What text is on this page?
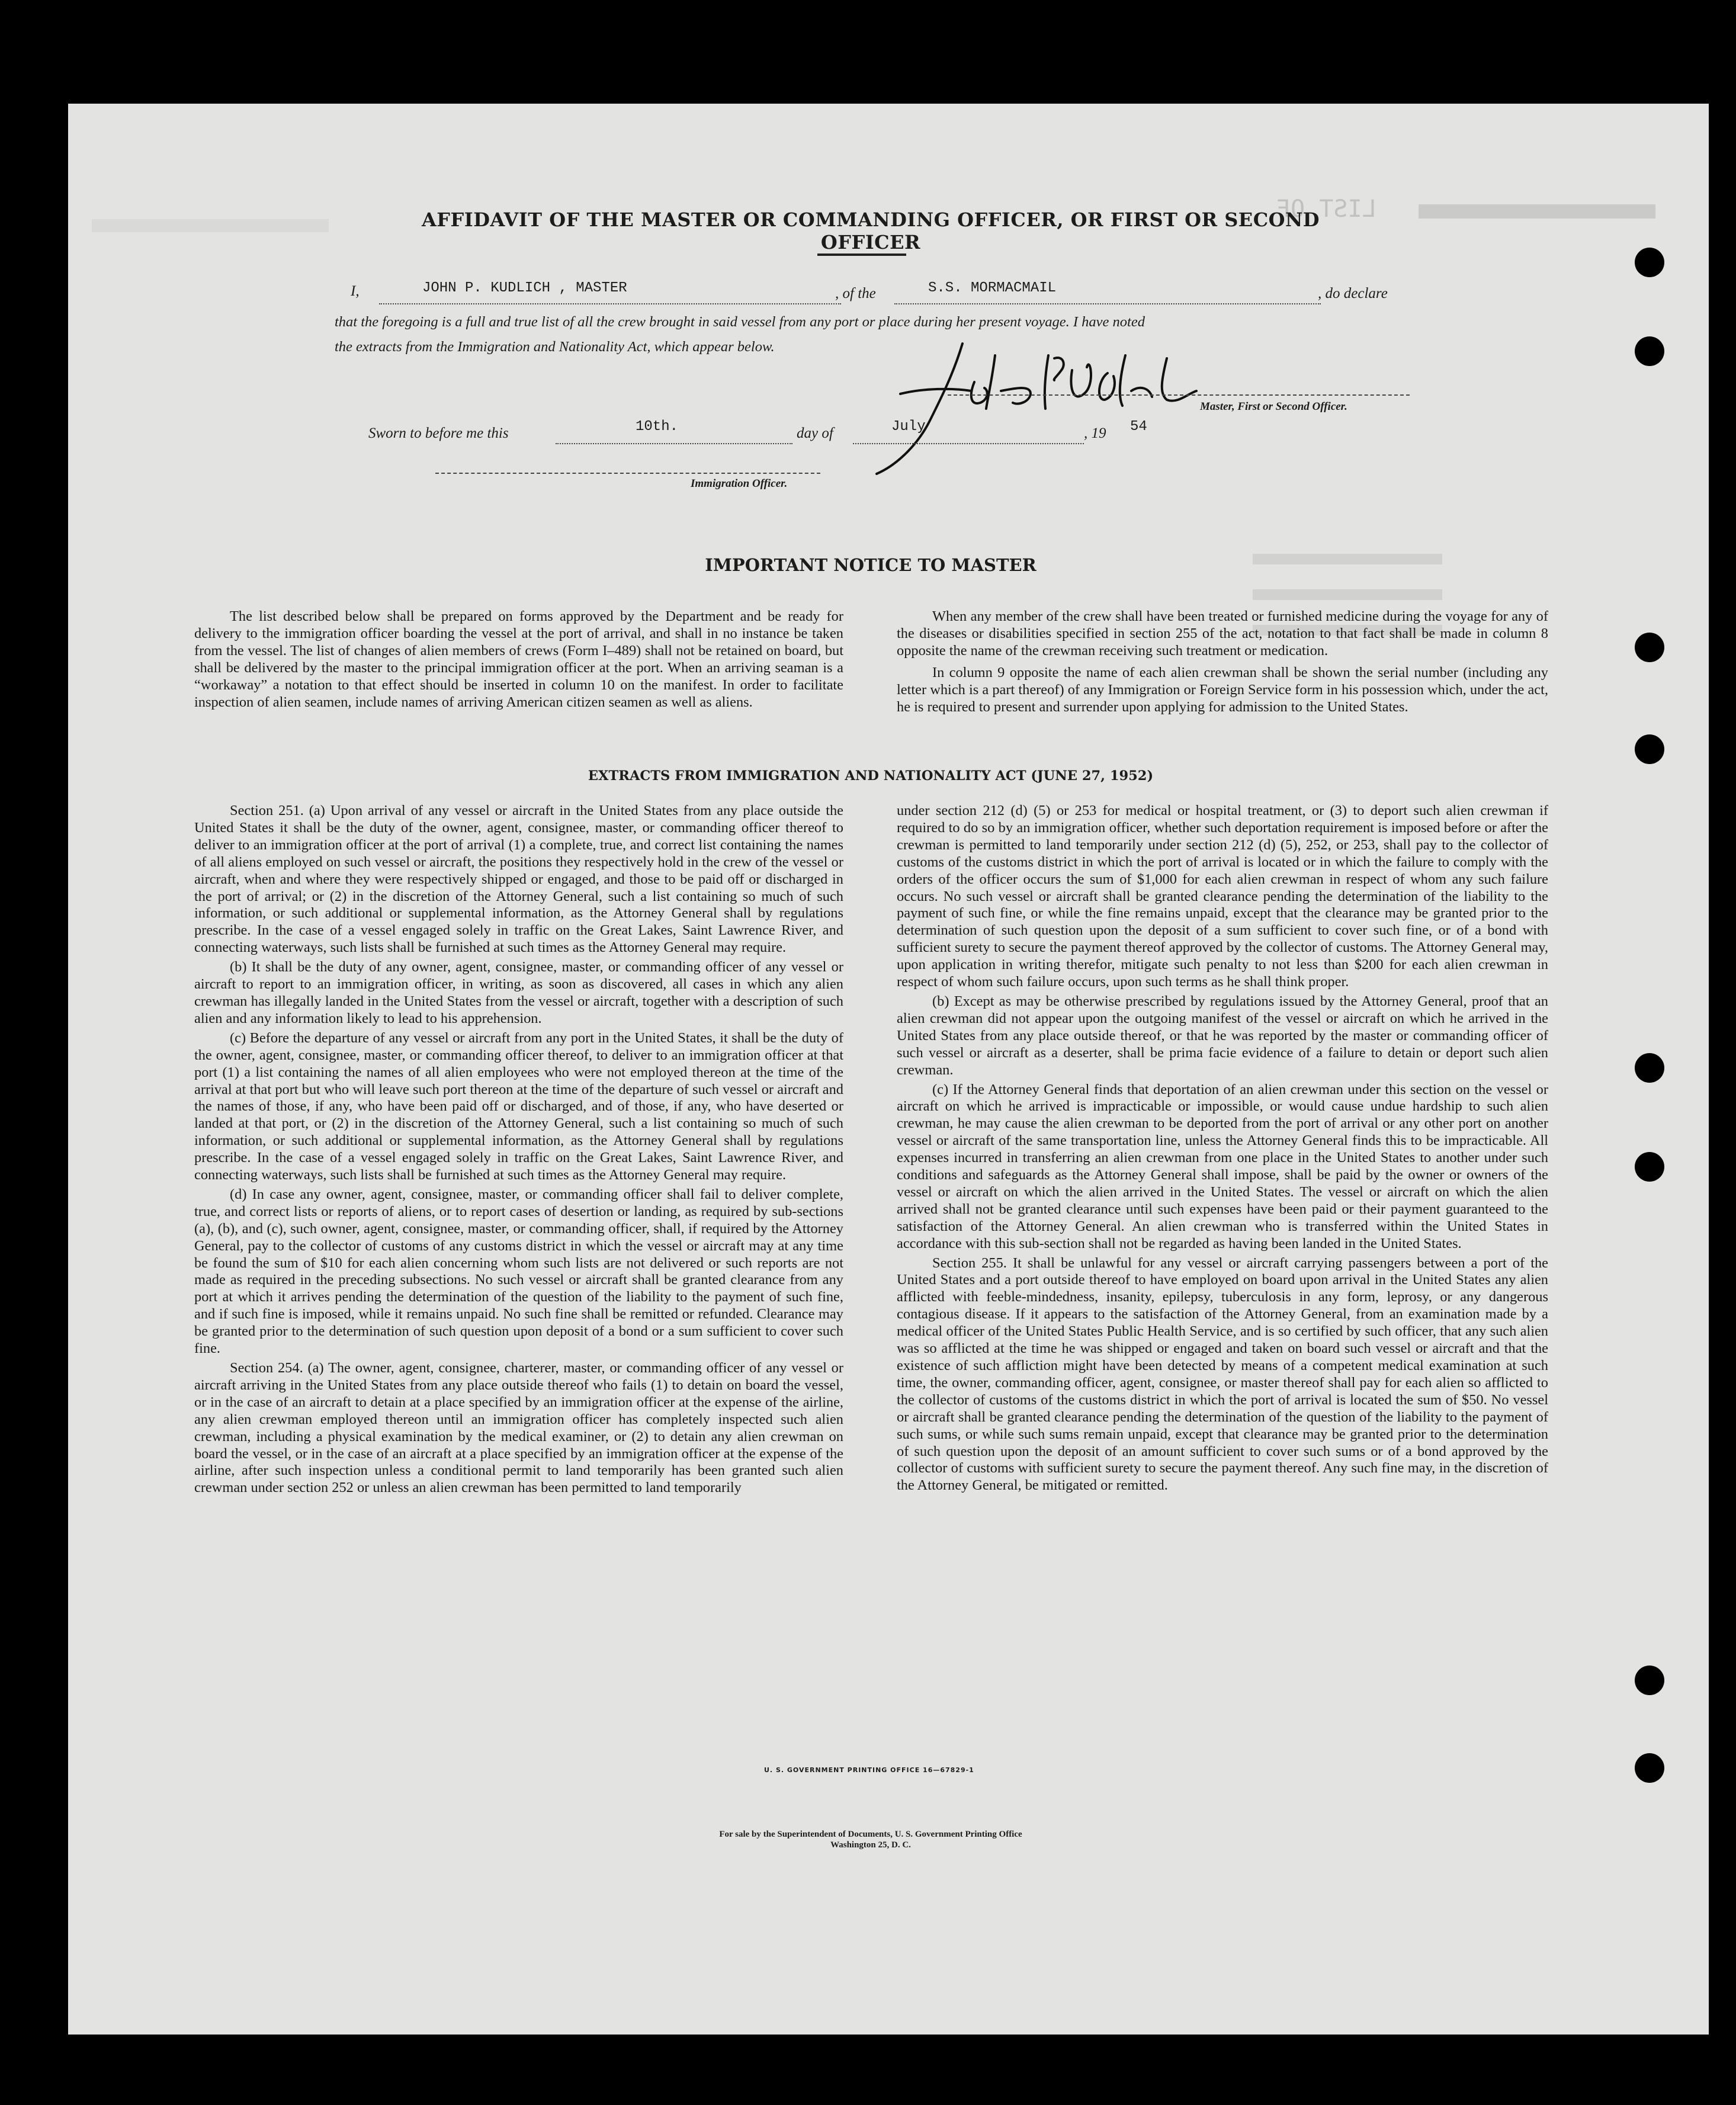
LIST OF
AFFIDAVIT OF THE MASTER OR COMMANDING OFFICER, OR FIRST OR SECOND OFFICER
I,	JOHN P. KUDLICH , MASTER	, of the	S.S. MORMACMAIL	, do declare
that the foregoing is a full and true list of all the crew brought in said vessel from any port or place during her present voyage. I have noted
the extracts from the Immigration and Nationality Act, which appear below.
Master, First or Second Officer.
Sworn to before me this	10th.	day of	July	, 19 54
Immigration Officer.
IMPORTANT NOTICE TO MASTER

The list described below shall be prepared on forms approved by the Department and be ready for delivery to the immigration officer boarding the vessel at the port of arrival, and shall in no instance be taken from the vessel. The list of changes of alien members of crews (Form I–489) shall not be retained on board, but shall be delivered by the master to the principal immigration officer at the port. When an arriving seaman is a “workaway” a notation to that effect should be inserted in column 10 on the manifest. In order to facilitate inspection of alien seamen, include names of arriving American citizen seamen as well as aliens.

When any member of the crew shall have been treated or furnished medicine during the voyage for any of the diseases or disabilities specified in section 255 of the act, notation to that fact shall be made in column 8 opposite the name of the crewman receiving such treatment or medication.

In column 9 opposite the name of each alien crewman shall be shown the serial number (including any letter which is a part thereof) of any Immigration or Foreign Service form in his possession which, under the act, he is required to present and surrender upon applying for admission to the United States.

EXTRACTS FROM IMMIGRATION AND NATIONALITY ACT (JUNE 27, 1952)

Section 251. (a) Upon arrival of any vessel or aircraft in the United States from any place outside the United States it shall be the duty of the owner, agent, consignee, master, or commanding officer thereof to deliver to an immigration officer at the port of arrival (1) a complete, true, and correct list containing the names of all aliens employed on such vessel or aircraft, the positions they respectively hold in the crew of the vessel or aircraft, when and where they were respectively shipped or engaged, and those to be paid off or discharged in the port of arrival; or (2) in the discretion of the Attorney General, such a list containing so much of such information, or such additional or supplemental information, as the Attorney General shall by regulations prescribe. In the case of a vessel engaged solely in traffic on the Great Lakes, Saint Lawrence River, and connecting waterways, such lists shall be furnished at such times as the Attorney General may require.

(b) It shall be the duty of any owner, agent, consignee, master, or commanding officer of any vessel or aircraft to report to an immigration officer, in writing, as soon as discovered, all cases in which any alien crewman has illegally landed in the United States from the vessel or aircraft, together with a description of such alien and any information likely to lead to his apprehension.

(c) Before the departure of any vessel or aircraft from any port in the United States, it shall be the duty of the owner, agent, consignee, master, or commanding officer thereof, to deliver to an immigration officer at that port (1) a list containing the names of all alien employees who were not employed thereon at the time of the arrival at that port but who will leave such port thereon at the time of the departure of such vessel or aircraft and the names of those, if any, who have been paid off or discharged, and of those, if any, who have deserted or landed at that port, or (2) in the discretion of the Attorney General, such a list containing so much of such information, or such additional or supplemental information, as the Attorney General shall by regulations prescribe. In the case of a vessel engaged solely in traffic on the Great Lakes, Saint Lawrence River, and connecting waterways, such lists shall be furnished at such times as the Attorney General may require.

(d) In case any owner, agent, consignee, master, or commanding officer shall fail to deliver complete, true, and correct lists or reports of aliens, or to report cases of desertion or landing, as required by sub-sections (a), (b), and (c), such owner, agent, consignee, master, or commanding officer, shall, if required by the Attorney General, pay to the collector of customs of any customs district in which the vessel or aircraft may at any time be found the sum of $10 for each alien concerning whom such lists are not delivered or such reports are not made as required in the preceding subsections. No such vessel or aircraft shall be granted clearance from any port at which it arrives pending the determination of the question of the liability to the payment of such fine, and if such fine is imposed, while it remains unpaid. No such fine shall be remitted or refunded. Clearance may be granted prior to the determination of such question upon deposit of a bond or a sum sufficient to cover such fine.

Section 254. (a) The owner, agent, consignee, charterer, master, or commanding officer of any vessel or aircraft arriving in the United States from any place outside thereof who fails (1) to detain on board the vessel, or in the case of an aircraft to detain at a place specified by an immigration officer at the expense of the airline, any alien crewman employed thereon until an immigration officer has completely inspected such alien crewman, including a physical examination by the medical examiner, or (2) to detain any alien crewman on board the vessel, or in the case of an aircraft at a place specified by an immigration officer at the expense of the airline, after such inspection unless a conditional permit to land temporarily has been granted such alien crewman under section 252 or unless an alien crewman has been permitted to land temporarily

under section 212 (d) (5) or 253 for medical or hospital treatment, or (3) to deport such alien crewman if required to do so by an immigration officer, whether such deportation requirement is imposed before or after the crewman is permitted to land temporarily under section 212 (d) (5), 252, or 253, shall pay to the collector of customs of the customs district in which the port of arrival is located or in which the failure to comply with the orders of the officer occurs the sum of $1,000 for each alien crewman in respect of whom any such failure occurs. No such vessel or aircraft shall be granted clearance pending the determination of the liability to the payment of such fine, or while the fine remains unpaid, except that the clearance may be granted prior to the determination of such question upon the deposit of a sum sufficient to cover such fine, or of a bond with sufficient surety to secure the payment thereof approved by the collector of customs. The Attorney General may, upon application in writing therefor, mitigate such penalty to not less than $200 for each alien crewman in respect of whom such failure occurs, upon such terms as he shall think proper.

(b) Except as may be otherwise prescribed by regulations issued by the Attorney General, proof that an alien crewman did not appear upon the outgoing manifest of the vessel or aircraft on which he arrived in the United States from any place outside thereof, or that he was reported by the master or commanding officer of such vessel or aircraft as a deserter, shall be prima facie evidence of a failure to detain or deport such alien crewman.

(c) If the Attorney General finds that deportation of an alien crewman under this section on the vessel or aircraft on which he arrived is impracticable or impossible, or would cause undue hardship to such alien crewman, he may cause the alien crewman to be deported from the port of arrival or any other port on another vessel or aircraft of the same transportation line, unless the Attorney General finds this to be impracticable. All expenses incurred in transferring an alien crewman from one place in the United States to another under such conditions and safeguards as the Attorney General shall impose, shall be paid by the owner or owners of the vessel or aircraft on which the alien arrived in the United States. The vessel or aircraft on which the alien arrived shall not be granted clearance until such expenses have been paid or their payment guaranteed to the satisfaction of the Attorney General. An alien crewman who is transferred within the United States in accordance with this sub-section shall not be regarded as having been landed in the United States.

Section 255. It shall be unlawful for any vessel or aircraft carrying passengers between a port of the United States and a port outside thereof to have employed on board upon arrival in the United States any alien afflicted with feeble-mindedness, insanity, epilepsy, tuberculosis in any form, leprosy, or any dangerous contagious disease. If it appears to the satisfaction of the Attorney General, from an examination made by a medical officer of the United States Public Health Service, and is so certified by such officer, that any such alien was so afflicted at the time he was shipped or engaged and taken on board such vessel or aircraft and that the existence of such affliction might have been detected by means of a competent medical examination at such time, the owner, commanding officer, agent, consignee, or master thereof shall pay for each alien so afflicted to the collector of customs of the customs district in which the port of arrival is located the sum of $50. No vessel or aircraft shall be granted clearance pending the determination of the question of the liability to the payment of such sums, or while such sums remain unpaid, except that clearance may be granted prior to the determination of such question upon the deposit of an amount sufficient to cover such sums or of a bond approved by the collector of customs with sufficient surety to secure the payment thereof. Any such fine may, in the discretion of the Attorney General, be mitigated or remitted.

U. S. GOVERNMENT PRINTING OFFICE 16—67829-1
For sale by the Superintendent of Documents, U. S. Government Printing Office
Washington 25, D. C.
